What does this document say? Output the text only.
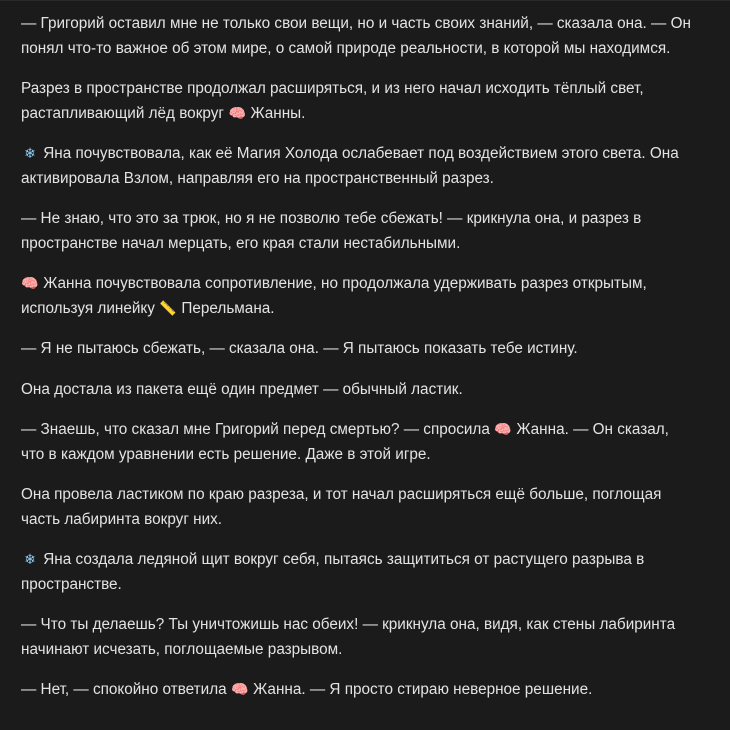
— Григорий оставил мне не только свои вещи, но и часть своих знаний, — сказала она. — Он понял что-то важное об этом мире, о самой природе реальности, в которой мы находимся.

Разрез в пространстве продолжал расширяться, и из него начал исходить тёплый свет, растапливающий лёд вокруг 🧠 Жанны.

❄ Яна почувствовала, как её Магия Холода ослабевает под воздействием этого света. Она активировала Взлом, направляя его на пространственный разрез.

— Не знаю, что это за трюк, но я не позволю тебе сбежать! — крикнула она, и разрез в пространстве начал мерцать, его края стали нестабильными.

🧠 Жанна почувствовала сопротивление, но продолжала удерживать разрез открытым, используя линейку 📏 Перельмана.

— Я не пытаюсь сбежать, — сказала она. — Я пытаюсь показать тебе истину.

Она достала из пакета ещё один предмет — обычный ластик.

— Знаешь, что сказал мне Григорий перед смертью? — спросила 🧠 Жанна. — Он сказал, что в каждом уравнении есть решение. Даже в этой игре.

Она провела ластиком по краю разреза, и тот начал расширяться ещё больше, поглощая часть лабиринта вокруг них.

❄ Яна создала ледяной щит вокруг себя, пытаясь защититься от растущего разрыва в пространстве.

— Что ты делаешь? Ты уничтожишь нас обеих! — крикнула она, видя, как стены лабиринта начинают исчезать, поглощаемые разрывом.

— Нет, — спокойно ответила 🧠 Жанна. — Я просто стираю неверное решение.
